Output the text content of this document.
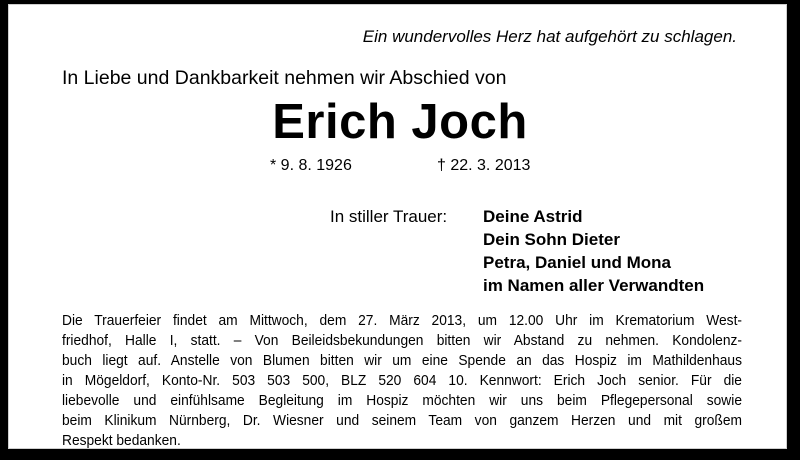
Ein wundervolles Herz hat aufgehört zu schlagen.
In Liebe und Dankbarkeit nehmen wir Abschied von
Erich Joch
* 9. 8. 1926	† 22. 3. 2013
In stiller Trauer: Deine Astrid
Dein Sohn Dieter
Petra, Daniel und Mona
im Namen aller Verwandten
Die Trauerfeier findet am Mittwoch, dem 27. März 2013, um 12.00 Uhr im Krematorium West-
friedhof, Halle I, statt. – Von Beileidsbekundungen bitten wir Abstand zu nehmen. Kondolenz-
buch liegt auf. Anstelle von Blumen bitten wir um eine Spende an das Hospiz im Mathildenhaus
in Mögeldorf, Konto-Nr. 503 503 500, BLZ 520 604 10. Kennwort: Erich Joch senior. Für die
liebevolle und einfühlsame Begleitung im Hospiz möchten wir uns beim Pflegepersonal sowie
beim Klinikum Nürnberg, Dr. Wiesner und seinem Team von ganzem Herzen und mit großem
Respekt bedanken.
